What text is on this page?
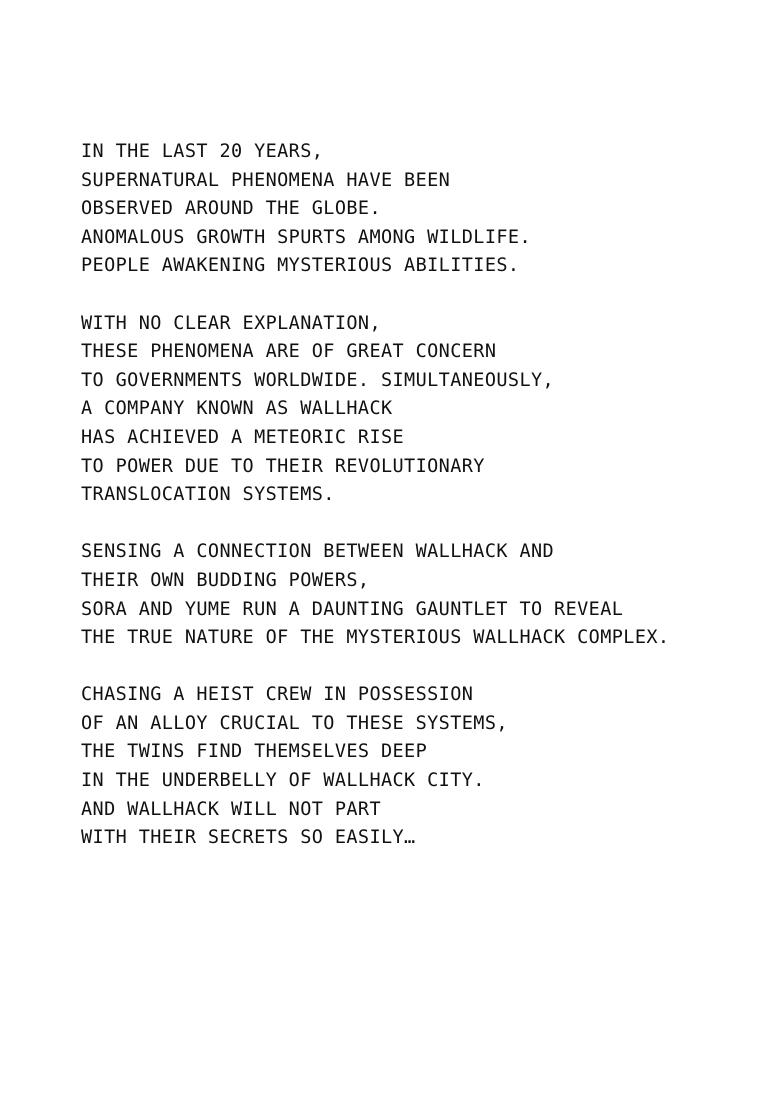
IN THE LAST 20 YEARS,
SUPERNATURAL PHENOMENA HAVE BEEN
OBSERVED AROUND THE GLOBE.
ANOMALOUS GROWTH SPURTS AMONG WILDLIFE.
PEOPLE AWAKENING MYSTERIOUS ABILITIES.
WITH NO CLEAR EXPLANATION,
THESE PHENOMENA ARE OF GREAT CONCERN
TO GOVERNMENTS WORLDWIDE. SIMULTANEOUSLY,
A COMPANY KNOWN AS WALLHACK
HAS ACHIEVED A METEORIC RISE
TO POWER DUE TO THEIR REVOLUTIONARY
TRANSLOCATION SYSTEMS.
SENSING A CONNECTION BETWEEN WALLHACK AND
THEIR OWN BUDDING POWERS,
SORA AND YUME RUN A DAUNTING GAUNTLET TO REVEAL
THE TRUE NATURE OF THE MYSTERIOUS WALLHACK COMPLEX.
CHASING A HEIST CREW IN POSSESSION
OF AN ALLOY CRUCIAL TO THESE SYSTEMS,
THE TWINS FIND THEMSELVES DEEP
IN THE UNDERBELLY OF WALLHACK CITY.
AND WALLHACK WILL NOT PART
WITH THEIR SECRETS SO EASILY…
